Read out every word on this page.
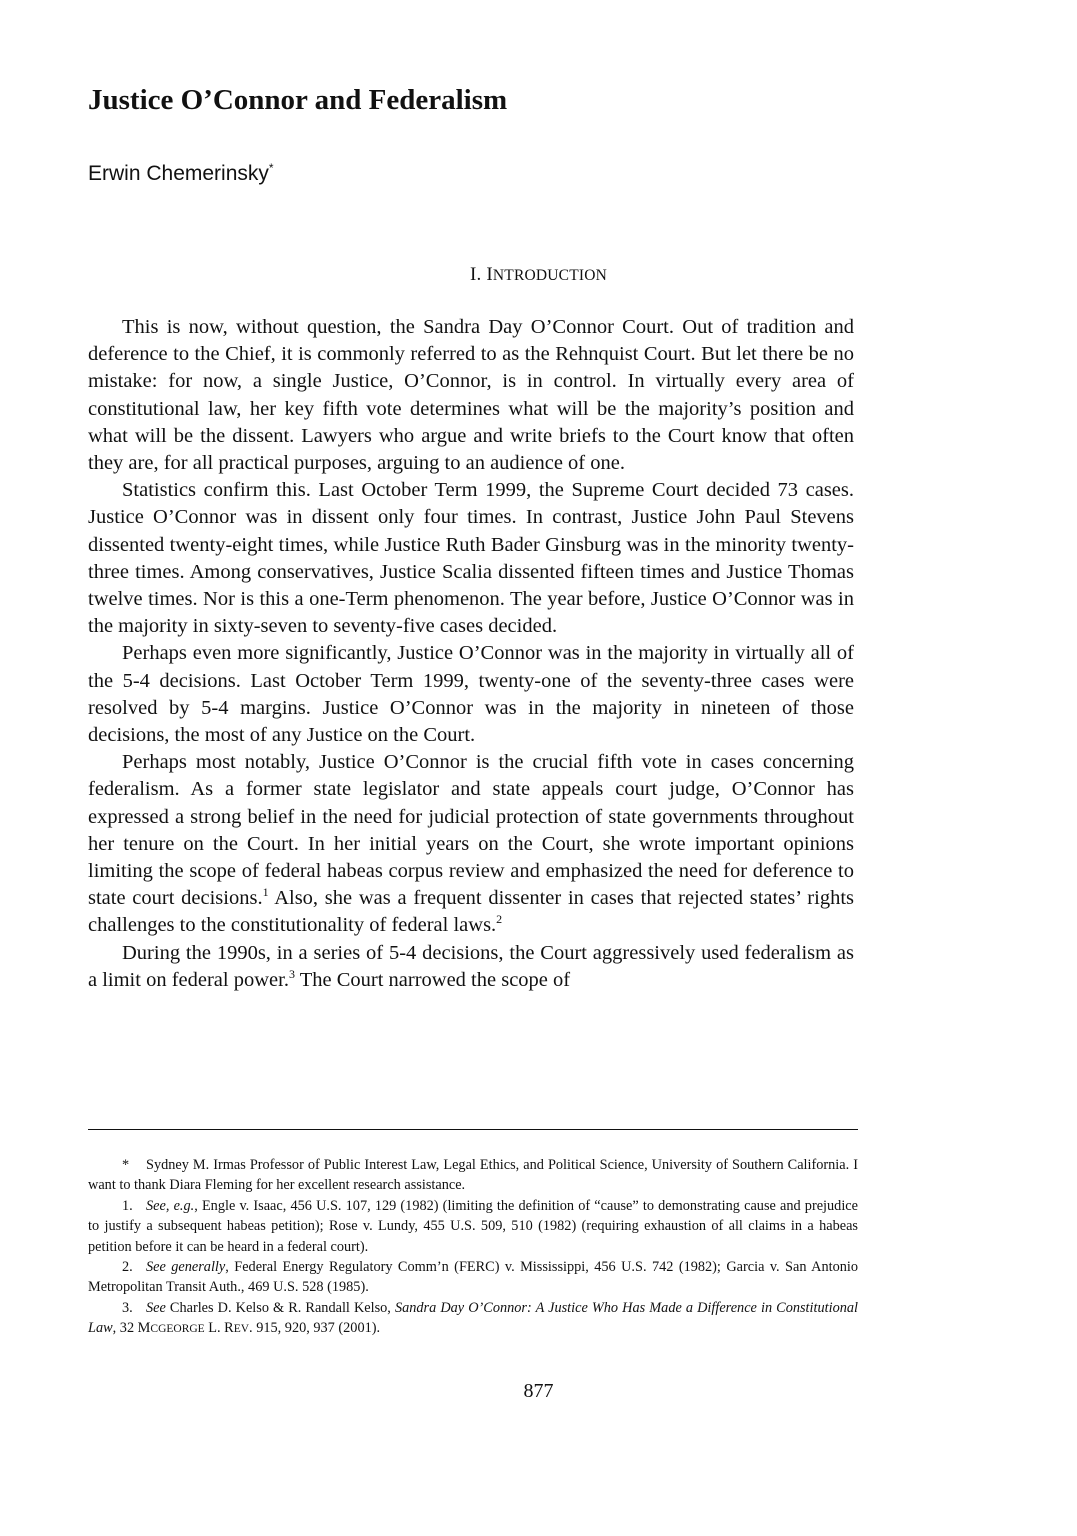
Justice O’Connor and Federalism
Erwin Chemerinsky*
I. INTRODUCTION

This is now, without question, the Sandra Day O’Connor Court. Out of tradition and deference to the Chief, it is commonly referred to as the Rehnquist Court. But let there be no mistake: for now, a single Justice, O’Connor, is in control. In virtually every area of constitutional law, her key fifth vote determines what will be the majority’s position and what will be the dissent. Lawyers who argue and write briefs to the Court know that often they are, for all practical purposes, arguing to an audience of one.

Statistics confirm this. Last October Term 1999, the Supreme Court decided 73 cases. Justice O’Connor was in dissent only four times. In contrast, Justice John Paul Stevens dissented twenty-eight times, while Justice Ruth Bader Ginsburg was in the minority twenty-three times. Among conservatives, Justice Scalia dissented fifteen times and Justice Thomas twelve times. Nor is this a one-Term phenomenon. The year before, Justice O’Connor was in the majority in sixty-seven to seventy-five cases decided.

Perhaps even more significantly, Justice O’Connor was in the majority in virtually all of the 5-4 decisions. Last October Term 1999, twenty-one of the seventy-three cases were resolved by 5-4 margins. Justice O’Connor was in the majority in nineteen of those decisions, the most of any Justice on the Court.

Perhaps most notably, Justice O’Connor is the crucial fifth vote in cases concerning federalism. As a former state legislator and state appeals court judge, O’Connor has expressed a strong belief in the need for judicial protection of state governments throughout her tenure on the Court. In her initial years on the Court, she wrote important opinions limiting the scope of federal habeas corpus review and emphasized the need for deference to state court decisions.$^1$ Also, she was a frequent dissenter in cases that rejected states’ rights challenges to the constitutionality of federal laws.$^2$

During the 1990s, in a series of 5-4 decisions, the Court aggressively used federalism as a limit on federal power.$^3$ The Court narrowed the scope of

* Sydney M. Irmas Professor of Public Interest Law, Legal Ethics, and Political Science, University of Southern California. I want to thank Diara Fleming for her excellent research assistance.

1. See, e.g., Engle v. Isaac, 456 U.S. 107, 129 (1982) (limiting the definition of “cause” to demonstrating cause and prejudice to justify a subsequent habeas petition); Rose v. Lundy, 455 U.S. 509, 510 (1982) (requiring exhaustion of all claims in a habeas petition before it can be heard in a federal court).

2. See generally, Federal Energy Regulatory Comm’n (FERC) v. Mississippi, 456 U.S. 742 (1982); Garcia v. San Antonio Metropolitan Transit Auth., 469 U.S. 528 (1985).

3. See Charles D. Kelso & R. Randall Kelso, Sandra Day O’Connor: A Justice Who Has Made a Difference in Constitutional Law, 32 MCGEORGE L. REV. 915, 920, 937 (2001).

877
